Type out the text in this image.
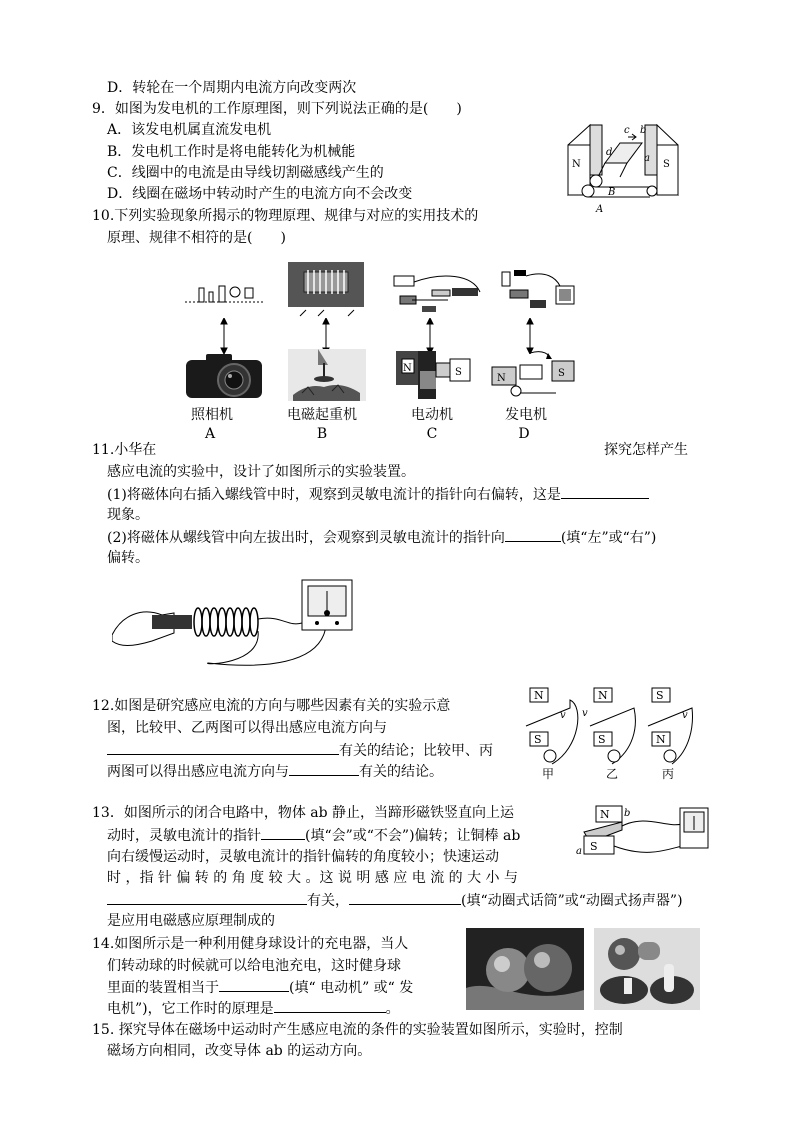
D．转轮在一个周期内电流方向改变两次
9．如图为发电机的工作原理图，则下列说法正确的是(　　)
A．该发电机属直流发电机
B．发电机工作时是将电能转化为机械能
C．线圈中的电流是由导线切割磁感线产生的
D．线圈在磁场中转动时产生的电流方向不会改变
N	S
c b
d
a
B
A
10.下列实验现象所揭示的物理原理、规律与对应的实用技术的
原理、规律不相符的是(　　)
N	S
N	S
照相机	电磁起重机	电动机	发电机
A	B	C	D
11.小华在	探究怎样产生
感应电流的实验中，设计了如图所示的实验装置。
(1)将磁体向右插入螺线管中时，观察到灵敏电流计的指针向右偏转，这是
现象。
(2)将磁体从螺线管中向左拔出时，会观察到灵敏电流计的指针向	(填“左”或“右”)
偏转。
12.如图是研究感应电流的方向与哪些因素有关的实验示意
图，比较甲、乙两图可以得出感应电流方向与
有关的结论；比较甲、丙
两图可以得出感应电流方向与	有关的结论。
N
S
N
S
S
N
v v	v
甲	乙	丙
13．如图所示的闭合电路中，物体 ab 静止，当蹄形磁铁竖直向上运
动时，灵敏电流计的指针	(填“会”或“不会”)偏转；让铜棒 ab
向右缓慢运动时，灵敏电流计的指针偏转的角度较小；快速运动
时 ，指 针 偏 转 的 角 度 较 大 。这 说 明 感 应 电 流 的 大 小 与
有关，	(填“动圈式话筒”或“动圈式扬声器”)
是应用电磁感应原理制成的
N
S
a
b
14.如图所示是一种利用健身球设计的充电器，当人
们转动球的时候就可以给电池充电，这时健身球
里面的装置相当于	(填“ 电动机” 或“ 发
电机”)，它工作时的原理是	。
15. 探究导体在磁场中运动时产生感应电流的条件的实验装置如图所示，实验时，控制
磁场方向相同，改变导体 ab 的运动方向。
